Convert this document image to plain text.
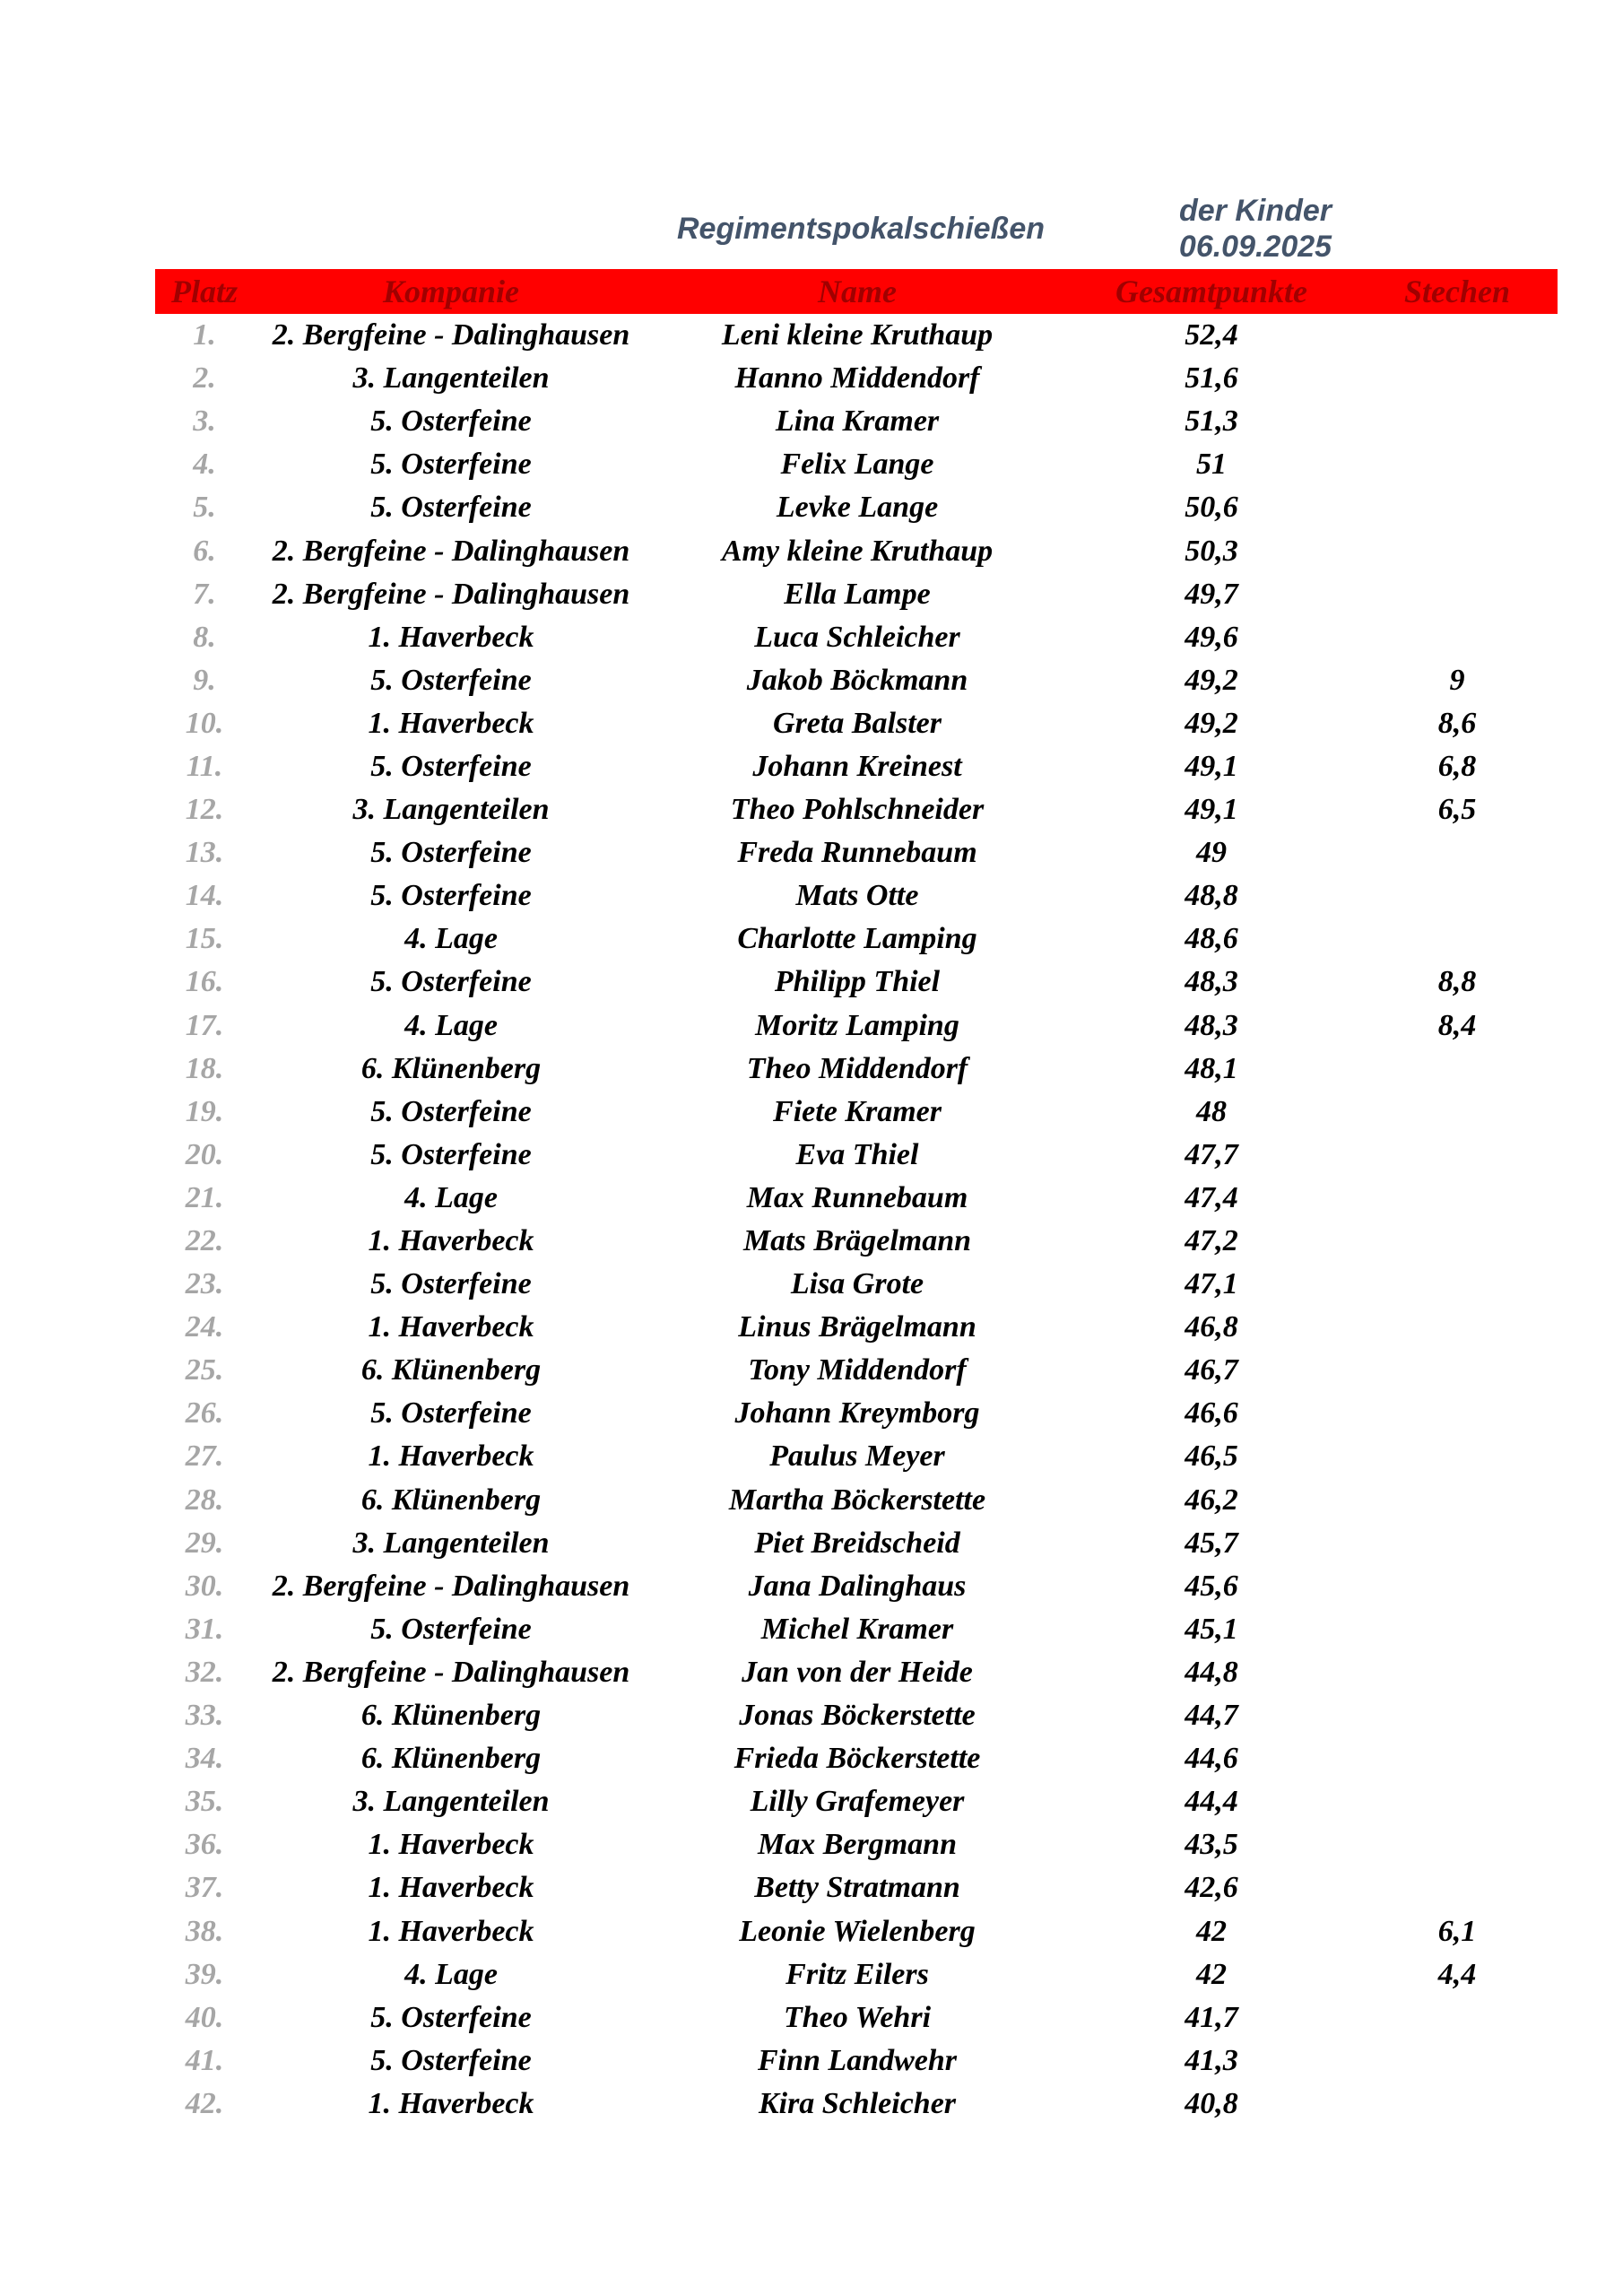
Regimentspokalschießen
der Kinder
06.09.2025
Platz	Kompanie	Name	Gesamtpunkte	Stechen
1.	2. Bergfeine - Dalinghausen	Leni kleine Kruthaup	52,4	
2.	3. Langenteilen	Hanno Middendorf	51,6	
3.	5. Osterfeine	Lina Kramer	51,3	
4.	5. Osterfeine	Felix Lange	51	
5.	5. Osterfeine	Levke Lange	50,6	
6.	2. Bergfeine - Dalinghausen	Amy kleine Kruthaup	50,3	
7.	2. Bergfeine - Dalinghausen	Ella Lampe	49,7	
8.	1. Haverbeck	Luca Schleicher	49,6	
9.	5. Osterfeine	Jakob Böckmann	49,2	9
10.	1. Haverbeck	Greta Balster	49,2	8,6
11.	5. Osterfeine	Johann Kreinest	49,1	6,8
12.	3. Langenteilen	Theo Pohlschneider	49,1	6,5
13.	5. Osterfeine	Freda Runnebaum	49	
14.	5. Osterfeine	Mats Otte	48,8	
15.	4. Lage	Charlotte Lamping	48,6	
16.	5. Osterfeine	Philipp Thiel	48,3	8,8
17.	4. Lage	Moritz Lamping	48,3	8,4
18.	6. Klünenberg	Theo Middendorf	48,1	
19.	5. Osterfeine	Fiete Kramer	48	
20.	5. Osterfeine	Eva Thiel	47,7	
21.	4. Lage	Max Runnebaum	47,4	
22.	1. Haverbeck	Mats Brägelmann	47,2	
23.	5. Osterfeine	Lisa Grote	47,1	
24.	1. Haverbeck	Linus Brägelmann	46,8	
25.	6. Klünenberg	Tony Middendorf	46,7	
26.	5. Osterfeine	Johann Kreymborg	46,6	
27.	1. Haverbeck	Paulus Meyer	46,5	
28.	6. Klünenberg	Martha Böckerstette	46,2	
29.	3. Langenteilen	Piet Breidscheid	45,7	
30.	2. Bergfeine - Dalinghausen	Jana Dalinghaus	45,6	
31.	5. Osterfeine	Michel Kramer	45,1	
32.	2. Bergfeine - Dalinghausen	Jan von der Heide	44,8	
33.	6. Klünenberg	Jonas Böckerstette	44,7	
34.	6. Klünenberg	Frieda Böckerstette	44,6	
35.	3. Langenteilen	Lilly Grafemeyer	44,4	
36.	1. Haverbeck	Max Bergmann	43,5	
37.	1. Haverbeck	Betty Stratmann	42,6	
38.	1. Haverbeck	Leonie Wielenberg	42	6,1
39.	4. Lage	Fritz Eilers	42	4,4
40.	5. Osterfeine	Theo Wehri	41,7	
41.	5. Osterfeine	Finn Landwehr	41,3	
42.	1. Haverbeck	Kira Schleicher	40,8	
